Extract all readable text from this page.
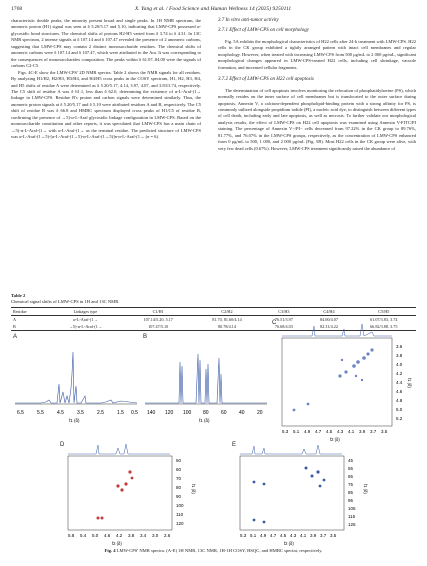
1768	X. Yang et al. / Food Science and Human Wellness 14 (2025) 9250111

characteristic double peaks, the minority present broad and single peaks. In 1H NMR spectrum, the anomeric proton (H1) signal was seen at δ 5.20/5.17 and 5.10, indicating that LMW-CPS possessed α-glycosidic bond structures. The chemical shifts of protons H2-H5 varied from δ 3.74 to δ 4.31. In 13C NMR spectrum, 2 intense signals at δ 107.14 and δ 107.47 revealed the presence of 2 anomeric carbons, suggesting that LMW-CPS may contain 2 distinct monosaccharide residues. The chemical shifts of anomeric carbons were δ 107.14 and δ 107.47, which were attributed to the Ara. It was corresponding to the consequences of monosaccharides composition. The peaks within δ 61.07–84.00 were the signals of carbons C2-C5.

Figs. 4C-E show the LMW-CPS' 2D NMR spectra. Table 2 shows the NMR signals for all residues. By analyzing H1/H2, H2/H3, H3/H4, and H4/H5 cross peaks in the COSY spectrum, H1, H2, H3, H4, and H5 shifts of residue A were determined as δ 5.20/5.17, 4.14, 3.97, 4.07, and 3.83/3.74, respectively. The C5 shift of residue A was δ 61.1, less than δ 62.0, determining the existence of α-L-Araf-(1→ linkage in LMW-CPS. Residue B's proton and carbon signals were determined similarly. Thus, the anomeric proton signals at δ 5.20/5.17 and δ 5.10 were attributed residues A and B, respectively. The C5 shift of residue B was δ 66.8 and HMBC spectrum displayed cross peaks of H1/C5 of residue B, confirming the presence of →5)-α-L-Araf glycosidic linkage configuration in LMW-CPS. Based on the monosaccharide constitution and other reports, it was speculated that LMW-CPS has a main chain of →5)-α-L-Araf-(1→ with α-L-Araf-(1→ as the terminal residue. The predicted structure of LMW-CPS was α-L-Araf-(1→5)-[α-L-Araf-(1→5)-α-L-Araf-(1→5)]n-α-L-Araf-(1→ (n = 6).

3.7 In vitro anti-tumor activity
3.7.1 Effect of LMW-CPS on cell morphology

Fig. 5A exhibits the morphological characteristics of H22 cells after 24-h treatment with LMW-CPS. H22 cells in the CK group exhibited a tightly arranged pattern with intact cell membranes and regular morphology. However, when treated with increasing LMW-CPS from 500 μg/mL to 2 000 μg/mL, significant morphological changes appeared in LMW-CPS-treated H22 cells, including cell shrinkage, vacuole formation, and increased cellular fragments.

3.7.2 Effect of LMW-CPS on H22 cell apoptosis

The determination of cell apoptosis involves monitoring the relocation of phosphatidylserine (PS), which normally resides on the inner surface of cell membranes but is translocated to the outer surface during apoptosis. Annexin V, a calcium-dependent phospholipid-binding protein with a strong affinity for PS, is commonly utilized alongside propidium iodide (PI), a nucleic acid dye, to distinguish between different types of cell death, including early and late apoptosis, as well as necrosis. To further validate our morphological analysis results, the effect of LMW-CPS on H22 cell apoptosis was examined using Annexin V-FITC/PI staining. The percentage of Annexin V−/PI− cells decreased from 97.22% in the CK group to 89.76%, 81.77%, and 76.07% in the LMW-CPS groups, respectively, as the concentration of LMW-CPS enhanced from 0 μg/mL to 500, 1 000, and 2 000 μg/mL (Fig. 5B). Most H22 cells in the CK group were alive, with very few dead cells (0.67%). However, LMW-CPS treatment significantly raised the abundance of

Table 2
Chemical signal shifts of LMW-CPS in 1H and 13C NMR.
Residue	Linkages type	C1/H1	C2/H2	C3/H3	C4/H4	C5/H5
A	α-L-Araf-(1→	107.14/5.20, 5.17	81.70, 81.60/4.14	76.51/3.97	84.00/4.07	61.07/3.83, 3.74
B	→5)-α-L-Araf-(1→	107.47/5.10	80.78/4.14	76.68/4.03	82.31/4.22	66.82/3.88, 3.75
A
6.5	5.5	4.5	3.5	2.5	1.5 0.5
f1 (δ)
B
140 120 100 80 60 40 20
f1 (δ)
C
3.6
3.8
4.0
4.2
4.4
4.6
4.8
5.0
5.2
f1 (δ)
5.3 5.1 4.9 4.7 4.5 4.3 4.1 3.9 3.7 3.5
f2 (δ)
D
50
60
70
80
90
100
110
120
f1 (δ)
5.8 5.4 5.0 4.6 4.2 3.8 3.4 3.0 2.6
f2 (δ)
E
45
55
65
75
85
95
105
115
125
f1 (δ)
5.3 5.1 4.9 4.7 4.5 4.3 4.1 3.9 3.7 3.5
f2 (δ)
Fig. 4 LMW-CPS' NMR spectra. (A-E) 1H NMR, 13C NMR, 1H-1H COSY, HSQC, and HMBC spectra, respectively.
